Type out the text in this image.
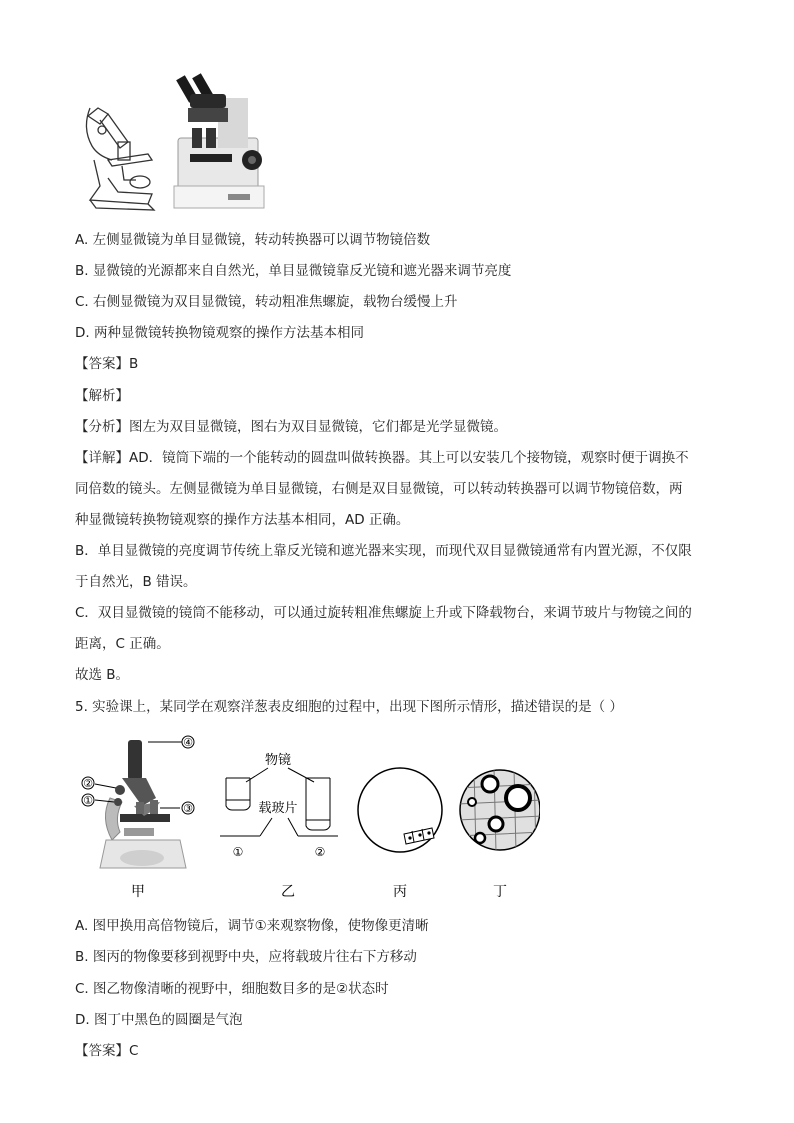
A. 左侧显微镜为单目显微镜，转动转换器可以调节物镜倍数
B. 显微镜的光源都来自自然光，单目显微镜靠反光镜和遮光器来调节亮度
C. 右侧显微镜为双目显微镜，转动粗准焦螺旋，载物台缓慢上升
D. 两种显微镜转换物镜观察的操作方法基本相同
【答案】B
【解析】
【分析】图左为双目显微镜，图右为双目显微镜，它们都是光学显微镜。
【详解】AD．镜筒下端的一个能转动的圆盘叫做转换器。其上可以安装几个接物镜，观察时便于调换不
同倍数的镜头。左侧显微镜为单目显微镜，右侧是双目显微镜，可以转动转换器可以调节物镜倍数，两
种显微镜转换物镜观察的操作方法基本相同，AD 正确。
B．单目显微镜的亮度调节传统上靠反光镜和遮光器来实现，而现代双目显微镜通常有内置光源，不仅限
于自然光，B 错误。
C．双目显微镜的镜筒不能移动，可以通过旋转粗准焦螺旋上升或下降载物台，来调节玻片与物镜之间的
距离，C 正确。
故选 B。
5. 实验课上，某同学在观察洋葱表皮细胞的过程中，出现下图所示情形，描述错误的是（ ）
④
②
①
③
甲
物镜
载玻片
①	②
乙	丙	丁
A. 图甲换用高倍物镜后，调节①来观察物像，使物像更清晰
B. 图丙的物像要移到视野中央，应将载玻片往右下方移动
C. 图乙物像清晰的视野中，细胞数目多的是②状态时
D. 图丁中黑色的圆圈是气泡
【答案】C
